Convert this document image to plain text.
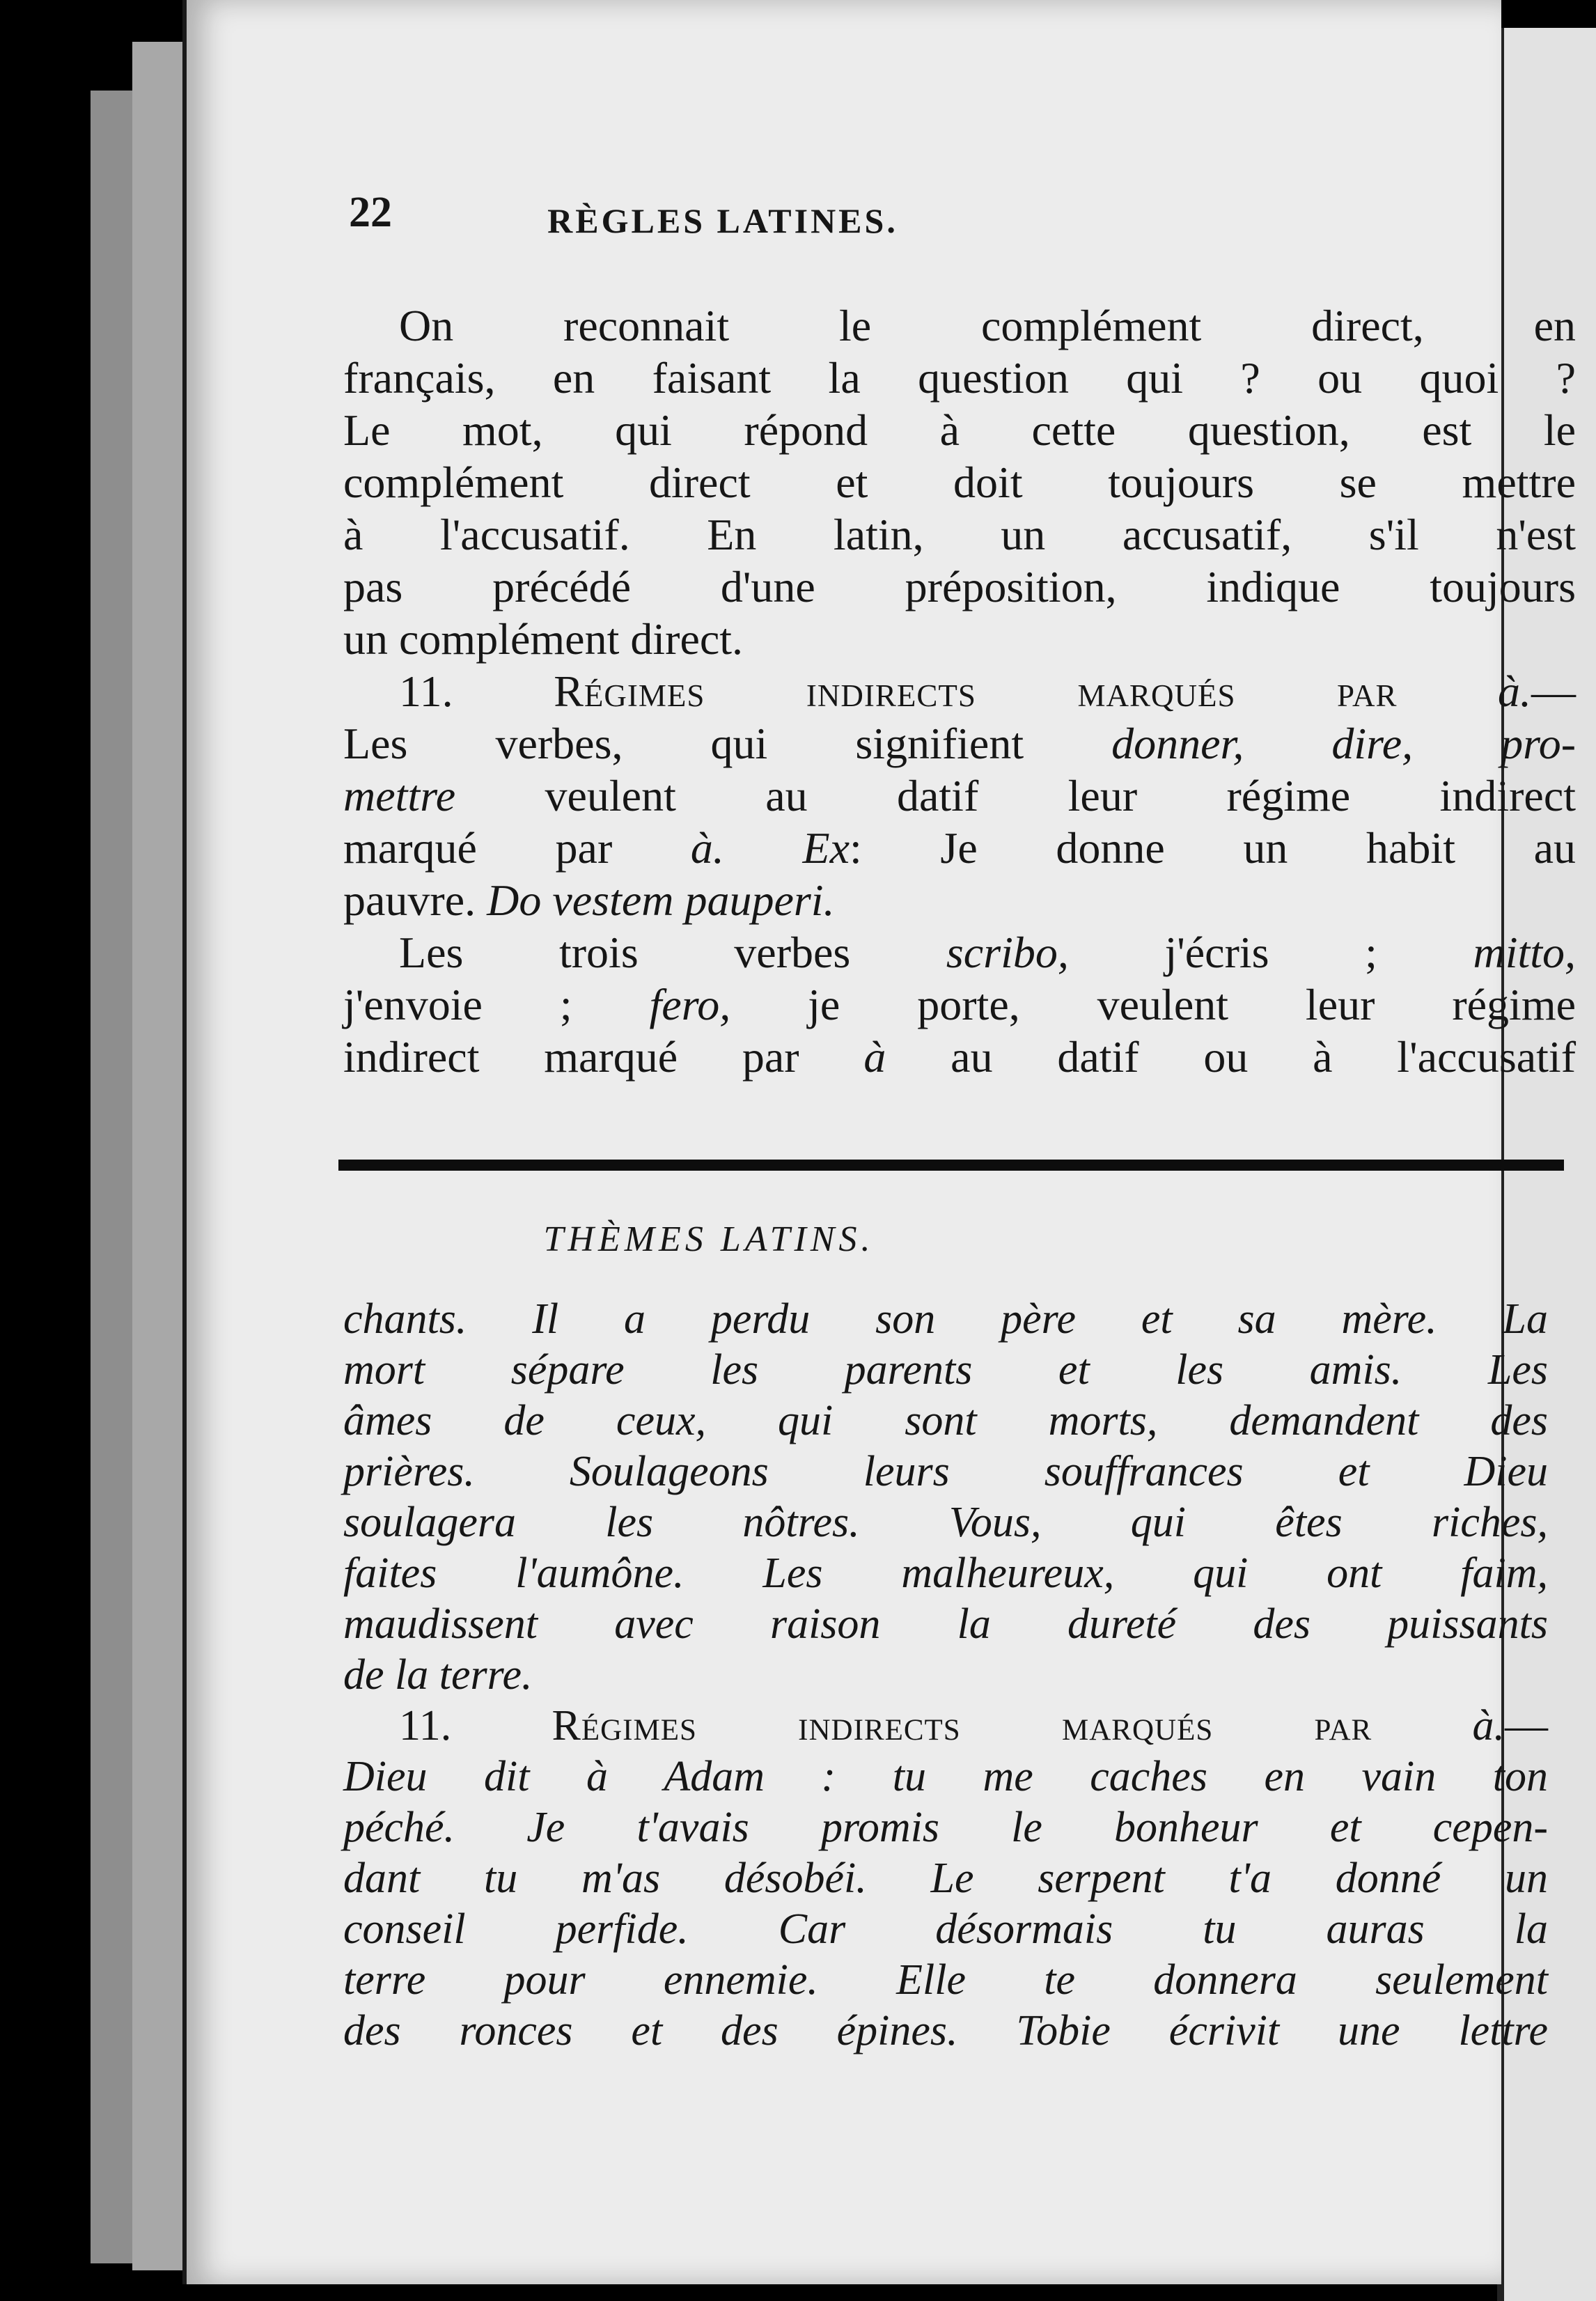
22	RÈGLES LATINES.
On reconnait le complément direct, en
français, en faisant la question qui ? ou quoi ?
Le mot, qui répond à cette question, est le
complément direct et doit toujours se mettre
à l'accusatif. En latin, un accusatif, s'il n'est
pas précédé d'une préposition, indique toujours
un complément direct.
11. Régimes indirects marqués par à.—
Les verbes, qui signifient donner, dire, pro-
mettre veulent au datif leur régime indirect
marqué par à. Ex: Je donne un habit au
pauvre. Do vestem pauperi.
Les trois verbes scribo, j'écris ; mitto,
j'envoie ; fero, je porte, veulent leur régime
indirect marqué par à au datif ou à l'accusatif
THÈMES LATINS.
chants. Il a perdu son père et sa mère. La
mort sépare les parents et les amis. Les
âmes de ceux, qui sont morts, demandent des
prières. Soulageons leurs souffrances et Dieu
soulagera les nôtres. Vous, qui êtes riches,
faites l'aumône. Les malheureux, qui ont faim,
maudissent avec raison la dureté des puissants
de la terre.
11. Régimes indirects marqués par à.—
Dieu dit à Adam : tu me caches en vain ton
péché. Je t'avais promis le bonheur et cepen-
dant tu m'as désobéi. Le serpent t'a donné un
conseil perfide. Car désormais tu auras la
terre pour ennemie. Elle te donnera seulement
des ronces et des épines. Tobie écrivit une lettre
